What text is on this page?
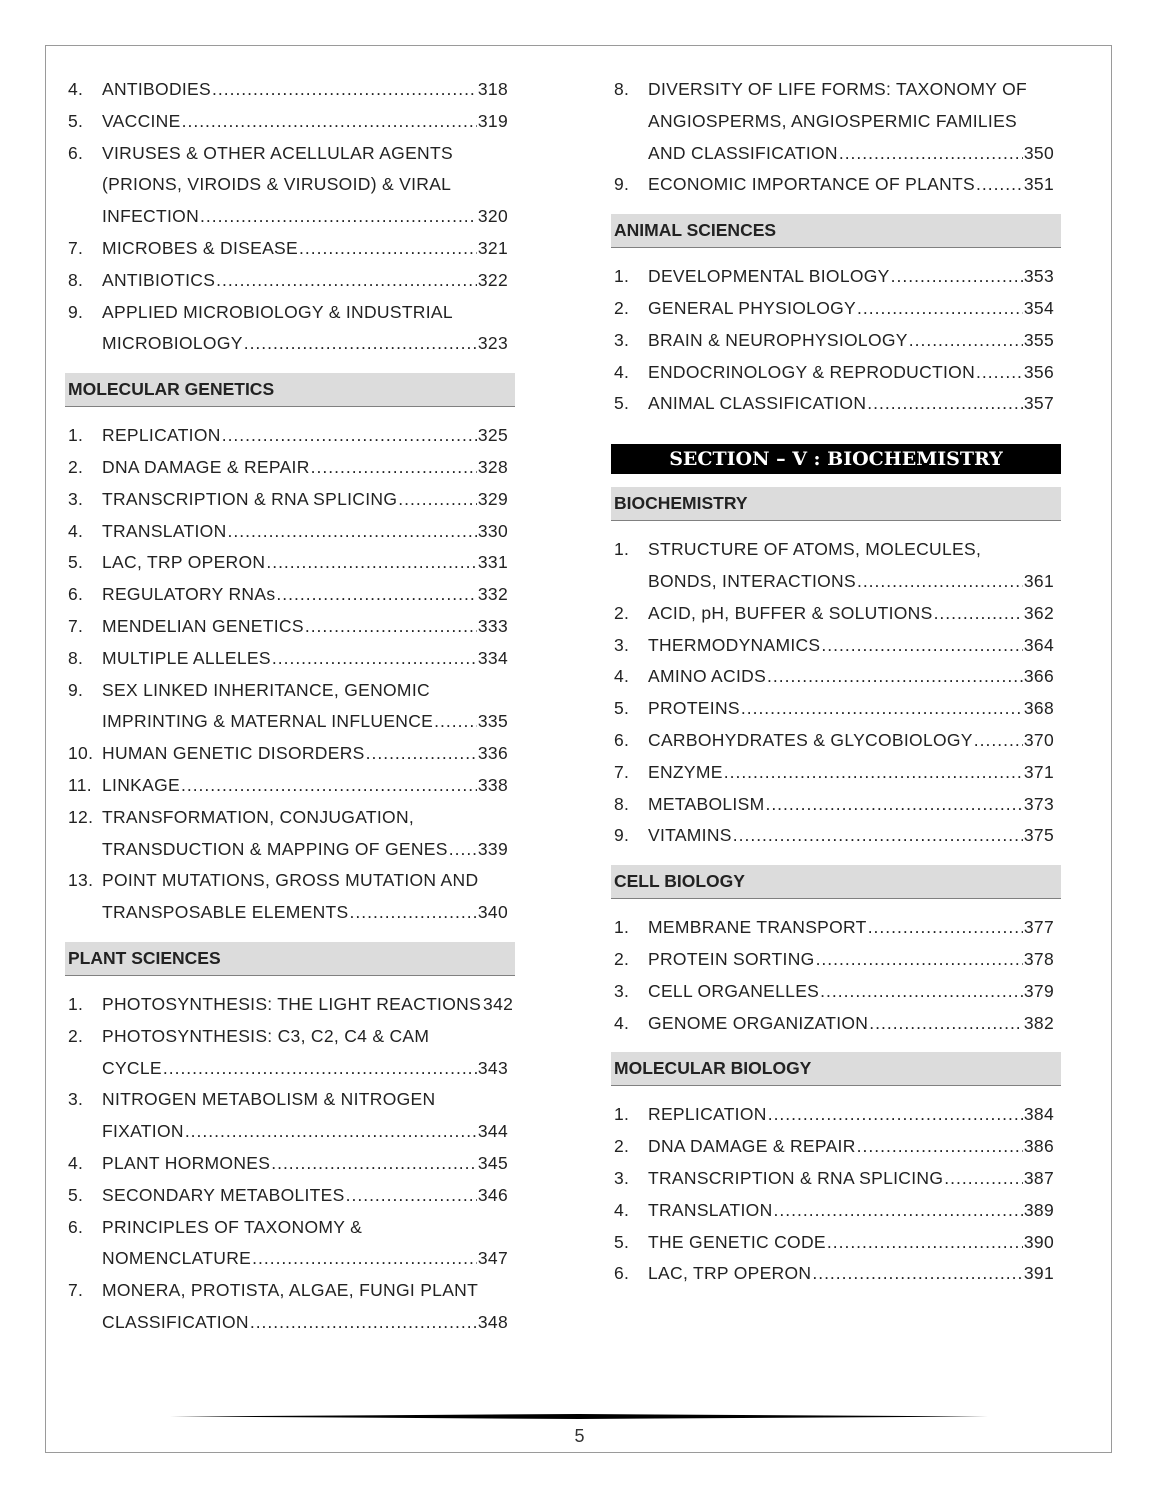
4. ANTIBODIES .....	318
5. VACCINE .....	319
6. VIRUSES & OTHER ACELLULAR AGENTS
(PRIONS, VIROIDS & VIRUSOID) & VIRAL
INFECTION .....	320
7. MICROBES & DISEASE .....	321
8. ANTIBIOTICS .....	322
9. APPLIED MICROBIOLOGY & INDUSTRIAL
MICROBIOLOGY .....	323
MOLECULAR GENETICS
1. REPLICATION .....	325
2. DNA DAMAGE & REPAIR .....	328
3. TRANSCRIPTION & RNA SPLICING .....	329
4. TRANSLATION .....	330
5. LAC, TRP OPERON .....	331
6. REGULATORY RNAs .....	332
7. MENDELIAN GENETICS .....	333
8. MULTIPLE ALLELES .....	334
9. SEX LINKED INHERITANCE, GENOMIC
IMPRINTING & MATERNAL INFLUENCE .....	335
10. HUMAN GENETIC DISORDERS .....	336
11. LINKAGE .....	338
12. TRANSFORMATION, CONJUGATION,
TRANSDUCTION & MAPPING OF GENES ..... 339
13. POINT MUTATIONS, GROSS MUTATION AND
TRANSPOSABLE ELEMENTS .....	340
PLANT SCIENCES
1. PHOTOSYNTHESIS: THE LIGHT REACTIONS 342
2. PHOTOSYNTHESIS: C3, C2, C4 & CAM
CYCLE .....	343
3. NITROGEN METABOLISM & NITROGEN
FIXATION .....	344
4. PLANT HORMONES .....	345
5. SECONDARY METABOLITES .....	346
6. PRINCIPLES OF TAXONOMY &
NOMENCLATURE .....	347
7. MONERA, PROTISTA, ALGAE, FUNGI PLANT
CLASSIFICATION .....	348
8. DIVERSITY OF LIFE FORMS: TAXONOMY OF
ANGIOSPERMS, ANGIOSPERMIC FAMILIES
AND CLASSIFICATION .....	350
9. ECONOMIC IMPORTANCE OF PLANTS .....	351
ANIMAL SCIENCES
1. DEVELOPMENTAL BIOLOGY .....	353
2. GENERAL PHYSIOLOGY .....	354
3. BRAIN & NEUROPHYSIOLOGY .....	355
4. ENDOCRINOLOGY & REPRODUCTION .....	356
5. ANIMAL CLASSIFICATION .....	357
SECTION – V : BIOCHEMISTRY
BIOCHEMISTRY
1. STRUCTURE OF ATOMS, MOLECULES,
BONDS, INTERACTIONS .....	361
2. ACID, pH, BUFFER & SOLUTIONS .....	362
3. THERMODYNAMICS .....	364
4. AMINO ACIDS .....	366
5. PROTEINS .....	368
6. CARBOHYDRATES & GLYCOBIOLOGY .....	370
7. ENZYME .....	371
8. METABOLISM .....	373
9. VITAMINS .....	375
CELL BIOLOGY
1. MEMBRANE TRANSPORT .....	377
2. PROTEIN SORTING .....	378
3. CELL ORGANELLES .....	379
4. GENOME ORGANIZATION .....	382
MOLECULAR BIOLOGY
1. REPLICATION .....	384
2. DNA DAMAGE & REPAIR .....	386
3. TRANSCRIPTION & RNA SPLICING .....	387
4. TRANSLATION .....	389
5. THE GENETIC CODE .....	390
6. LAC, TRP OPERON .....	391
5
